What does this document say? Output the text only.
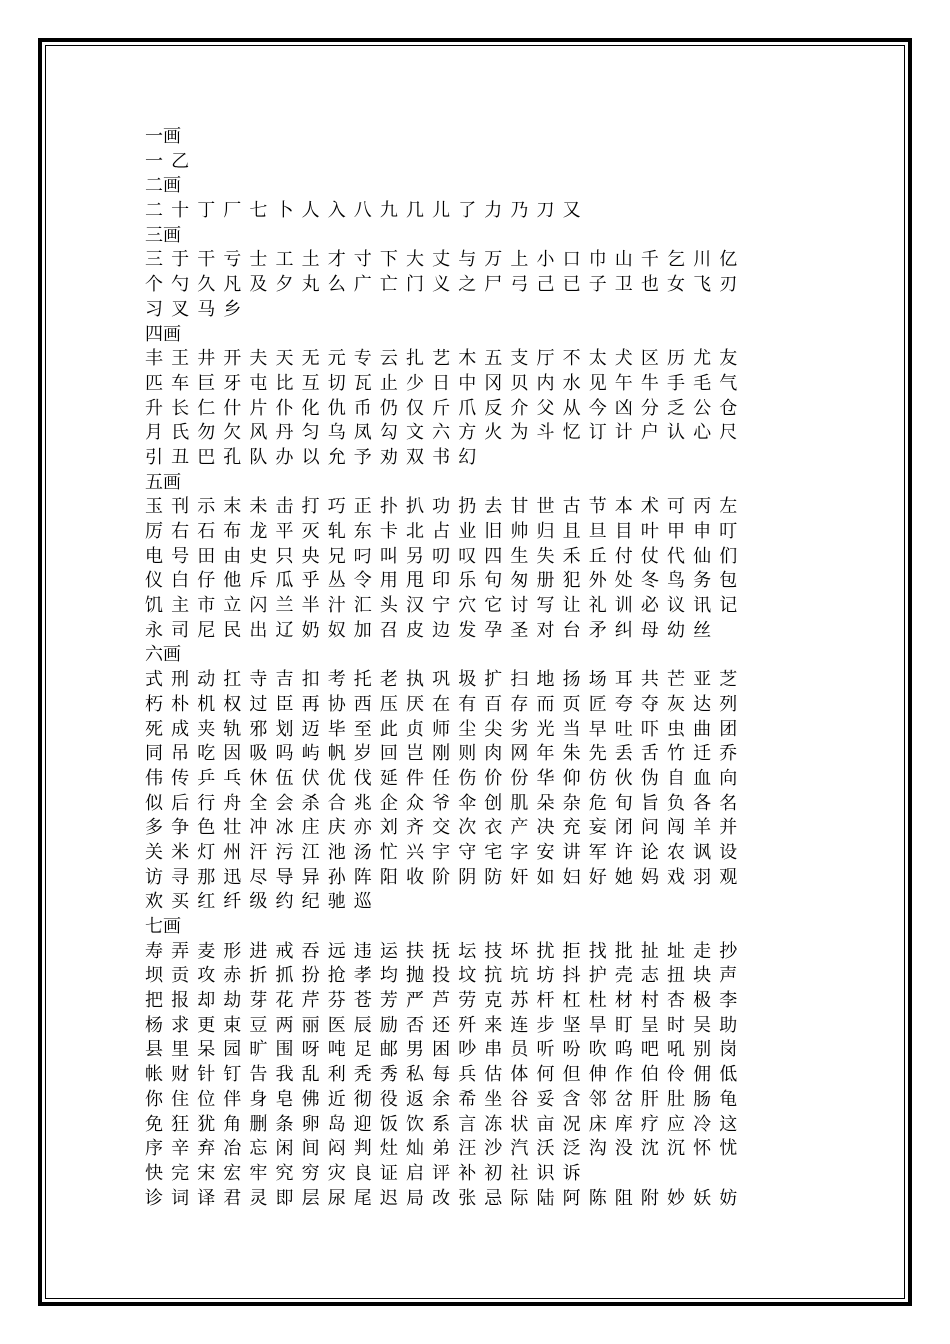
一画
一乙
二画
二十丁厂七卜人入八九几儿了力乃刀又
三画
三于干亏士工土才寸下大丈与万上小口巾山千乞川亿
个勺久凡及夕丸么广亡门义之尸弓己已子卫也女飞刃
习叉马乡
四画
丰王井开夫天无元专云扎艺木五支厅不太犬区历尤友
匹车巨牙屯比互切瓦止少日中冈贝内水见午牛手毛气
升长仁什片仆化仇币仍仅斤爪反介父从今凶分乏公仓
月氏勿欠风丹匀乌凤勾文六方火为斗忆订计户认心尺
引丑巴孔队办以允予劝双书幻
五画
玉刊示末未击打巧正扑扒功扔去甘世古节本术可丙左
厉右石布龙平灭轧东卡北占业旧帅归且旦目叶甲申叮
电号田由史只央兄叼叫另叨叹四生失禾丘付仗代仙们
仪白仔他斥瓜乎丛令用甩印乐句匆册犯外处冬鸟务包
饥主市立闪兰半汁汇头汉宁穴它讨写让礼训必议讯记
永司尼民出辽奶奴加召皮边发孕圣对台矛纠母幼丝
六画
式刑动扛寺吉扣考托老执巩圾扩扫地扬场耳共芒亚芝
朽朴机权过臣再协西压厌在有百存而页匠夸夺灰达列
死成夹轨邪划迈毕至此贞师尘尖劣光当早吐吓虫曲团
同吊吃因吸吗屿帆岁回岂刚则肉网年朱先丢舌竹迁乔
伟传乒乓休伍伏优伐延件任伤价份华仰仿伙伪自血向
似后行舟全会杀合兆企众爷伞创肌朵杂危旬旨负各名
多争色壮冲冰庄庆亦刘齐交次衣产决充妄闭问闯羊并
关米灯州汗污江池汤忙兴宇守宅字安讲军许论农讽设
访寻那迅尽导异孙阵阳收阶阴防奸如妇好她妈戏羽观
欢买红纤级约纪驰巡
七画
寿弄麦形进戒吞远违运扶抚坛技坏扰拒找批扯址走抄
坝贡攻赤折抓扮抢孝均抛投坟抗坑坊抖护壳志扭块声
把报却劫芽花芹芬苍芳严芦劳克苏杆杠杜材村杏极李
杨求更束豆两丽医辰励否还歼来连步坚旱盯呈时吴助
县里呆园旷围呀吨足邮男困吵串员听吩吹呜吧吼别岗
帐财针钉告我乱利秃秀私每兵估体何但伸作伯伶佣低
你住位伴身皂佛近彻役返余希坐谷妥含邻岔肝肚肠龟
免狂犹角删条卵岛迎饭饮系言冻状亩况床库疗应冷这
序辛弃冶忘闲间闷判灶灿弟汪沙汽沃泛沟没沈沉怀忧
快完宋宏牢究穷灾良证启评补初社识诉
诊词译君灵即层尿尾迟局改张忌际陆阿陈阻附妙妖妨
